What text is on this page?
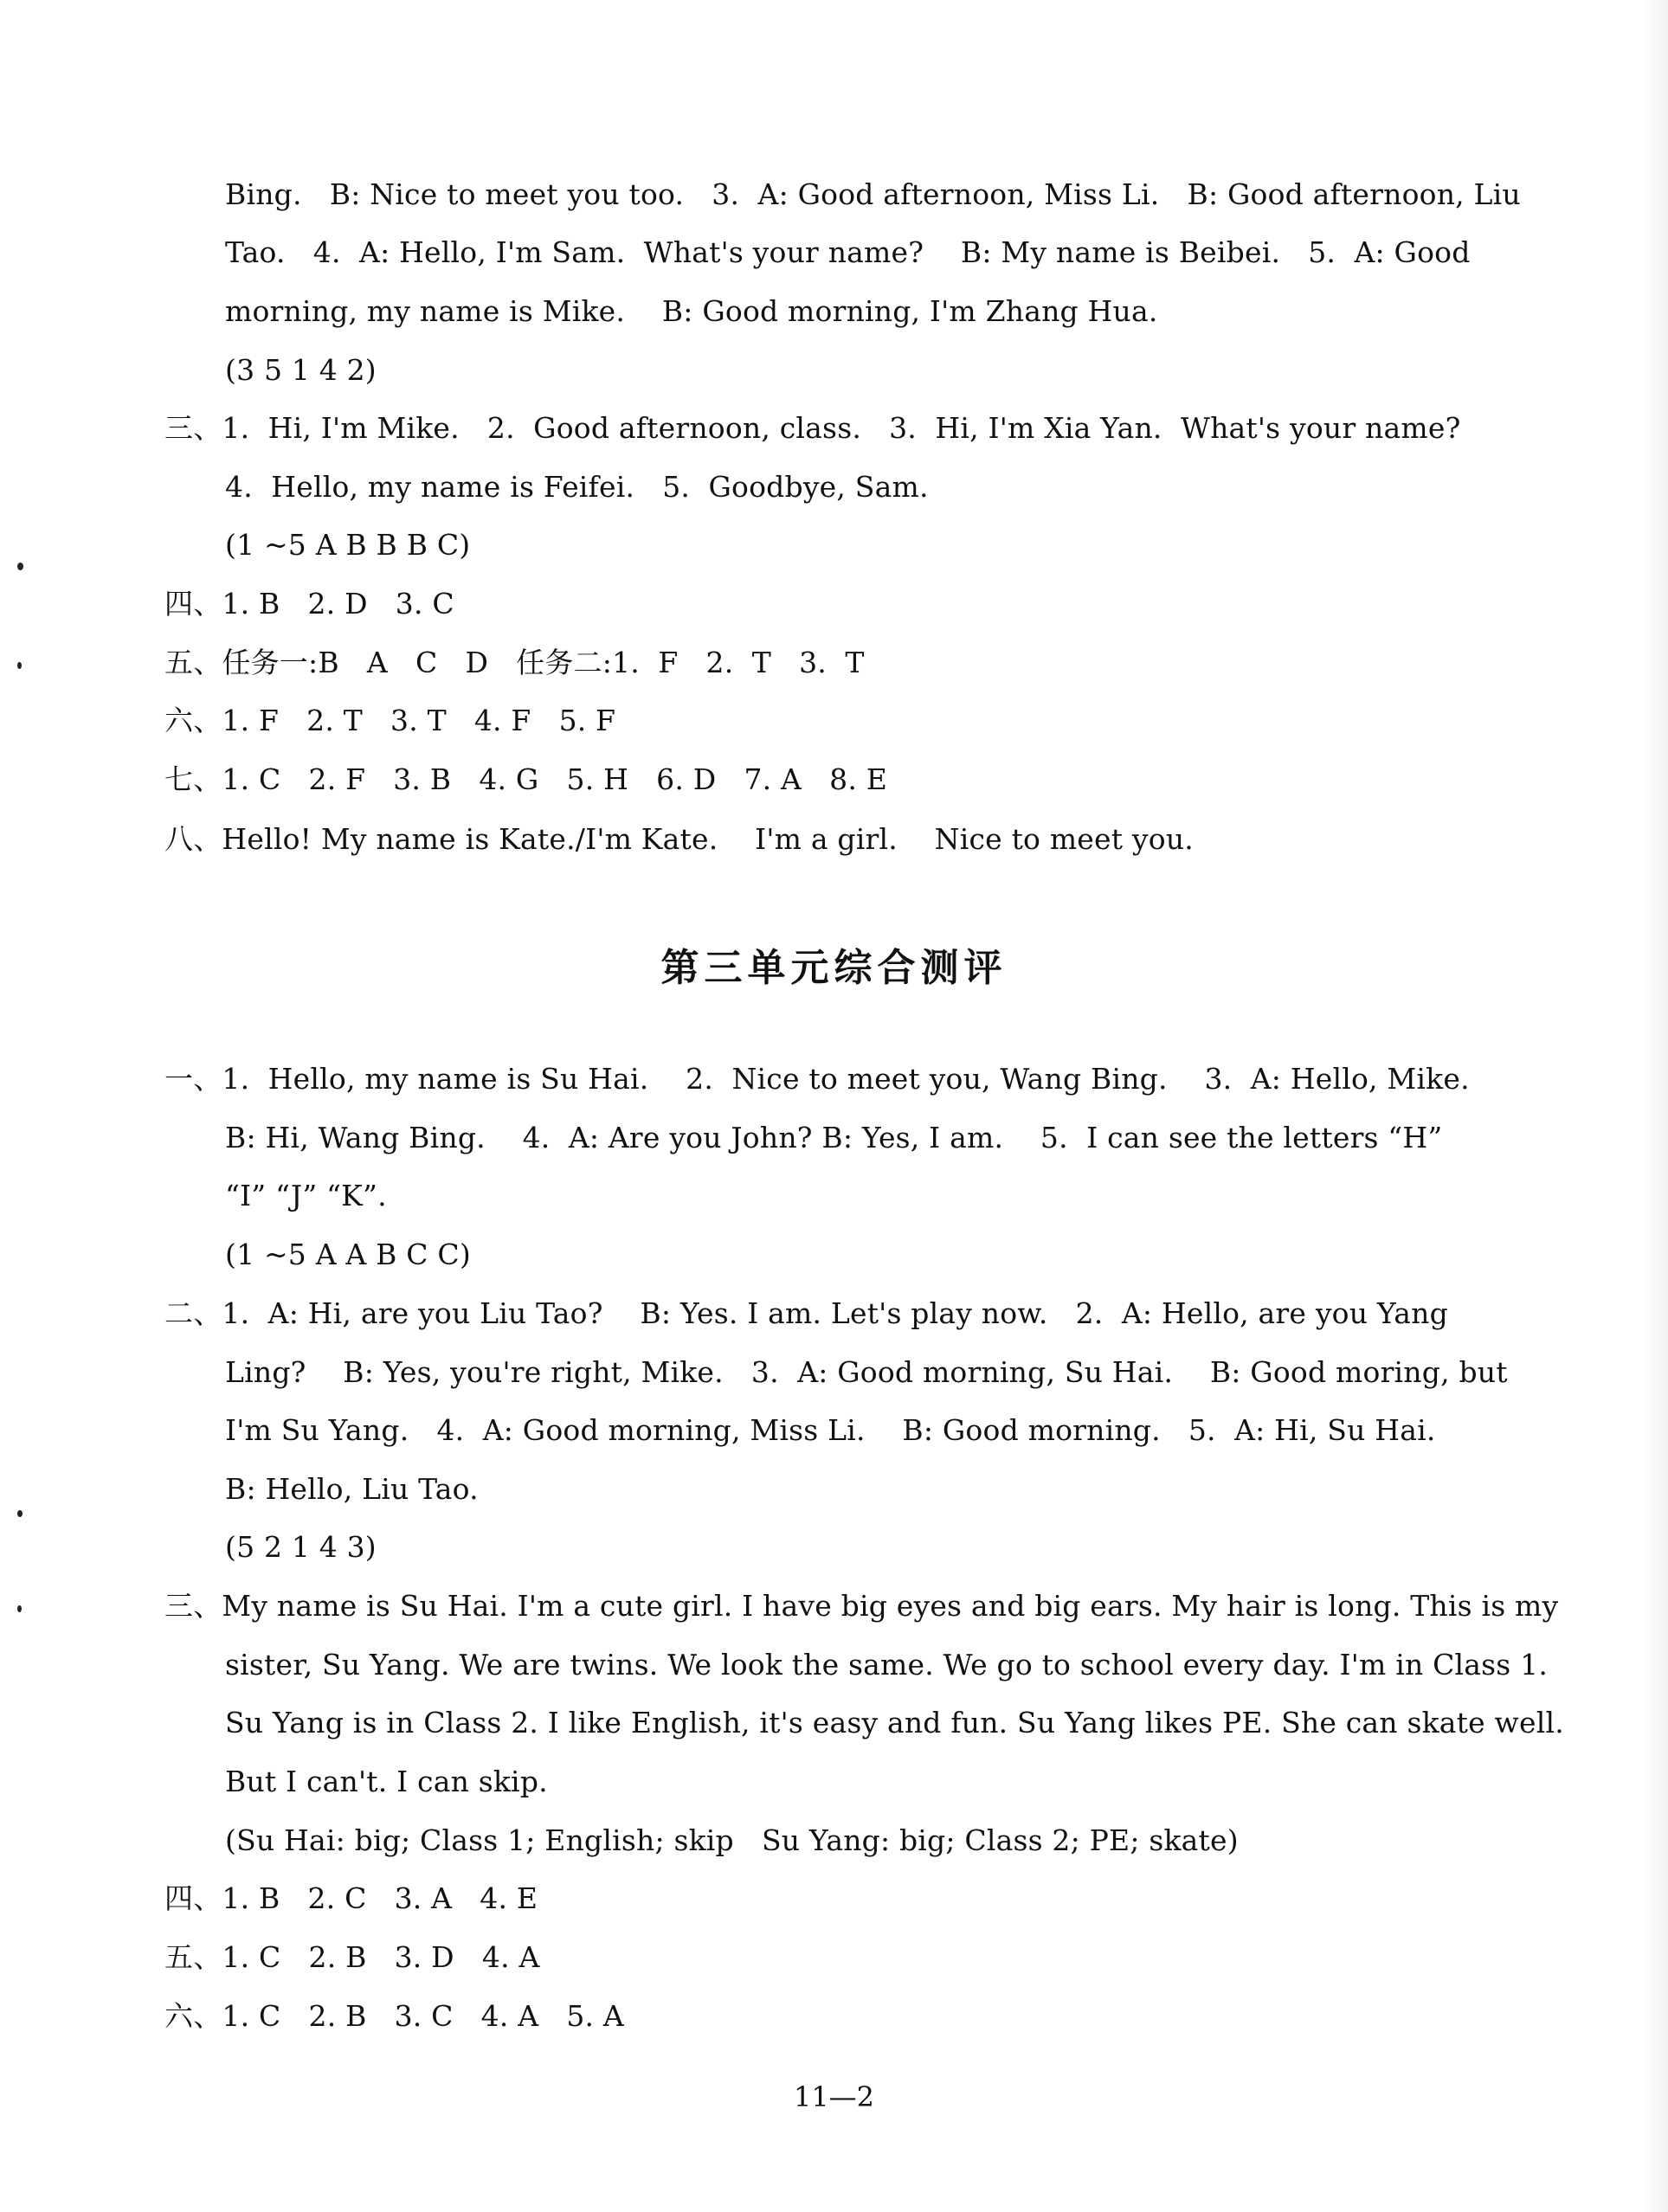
Bing.   B: Nice to meet you too.   3.  A: Good afternoon, Miss Li.   B: Good afternoon, Liu
Tao.   4.  A: Hello, I'm Sam.  What's your name?    B: My name is Beibei.   5.  A: Good
morning, my name is Mike.    B: Good morning, I'm Zhang Hua.
(3 5 1 4 2)
三、1.  Hi, I'm Mike.   2.  Good afternoon, class.   3.  Hi, I'm Xia Yan.  What's your name?
4.  Hello, my name is Feifei.   5.  Goodbye, Sam.
(1 ~5 A B B B C)
四、1. B   2. D   3. C
五、任务一:B   A   C   D   任务二:1.  F   2.  T   3.  T
六、1. F   2. T   3. T   4. F   5. F
七、1. C   2. F   3. B   4. G   5. H   6. D   7. A   8. E
八、Hello! My name is Kate./I'm Kate.    I'm a girl.    Nice to meet you.
第三单元综合测评
一、1.  Hello, my name is Su Hai.    2.  Nice to meet you, Wang Bing.    3.  A: Hello, Mike.
B: Hi, Wang Bing.    4.  A: Are you John? B: Yes, I am.    5.  I can see the letters “H”
“I” “J” “K”.
(1 ~5 A A B C C)
二、1.  A: Hi, are you Liu Tao?    B: Yes. I am. Let's play now.   2.  A: Hello, are you Yang
Ling?    B: Yes, you're right, Mike.   3.  A: Good morning, Su Hai.    B: Good moring, but
I'm Su Yang.   4.  A: Good morning, Miss Li.    B: Good morning.   5.  A: Hi, Su Hai.
B: Hello, Liu Tao.
(5 2 1 4 3)
三、My name is Su Hai. I'm a cute girl. I have big eyes and big ears. My hair is long. This is my
sister, Su Yang. We are twins. We look the same. We go to school every day. I'm in Class 1.
Su Yang is in Class 2. I like English, it's easy and fun. Su Yang likes PE. She can skate well.
But I can't. I can skip.
(Su Hai: big; Class 1; English; skip   Su Yang: big; Class 2; PE; skate)
四、1. B   2. C   3. A   4. E
五、1. C   2. B   3. D   4. A
六、1. C   2. B   3. C   4. A   5. A
11—2
